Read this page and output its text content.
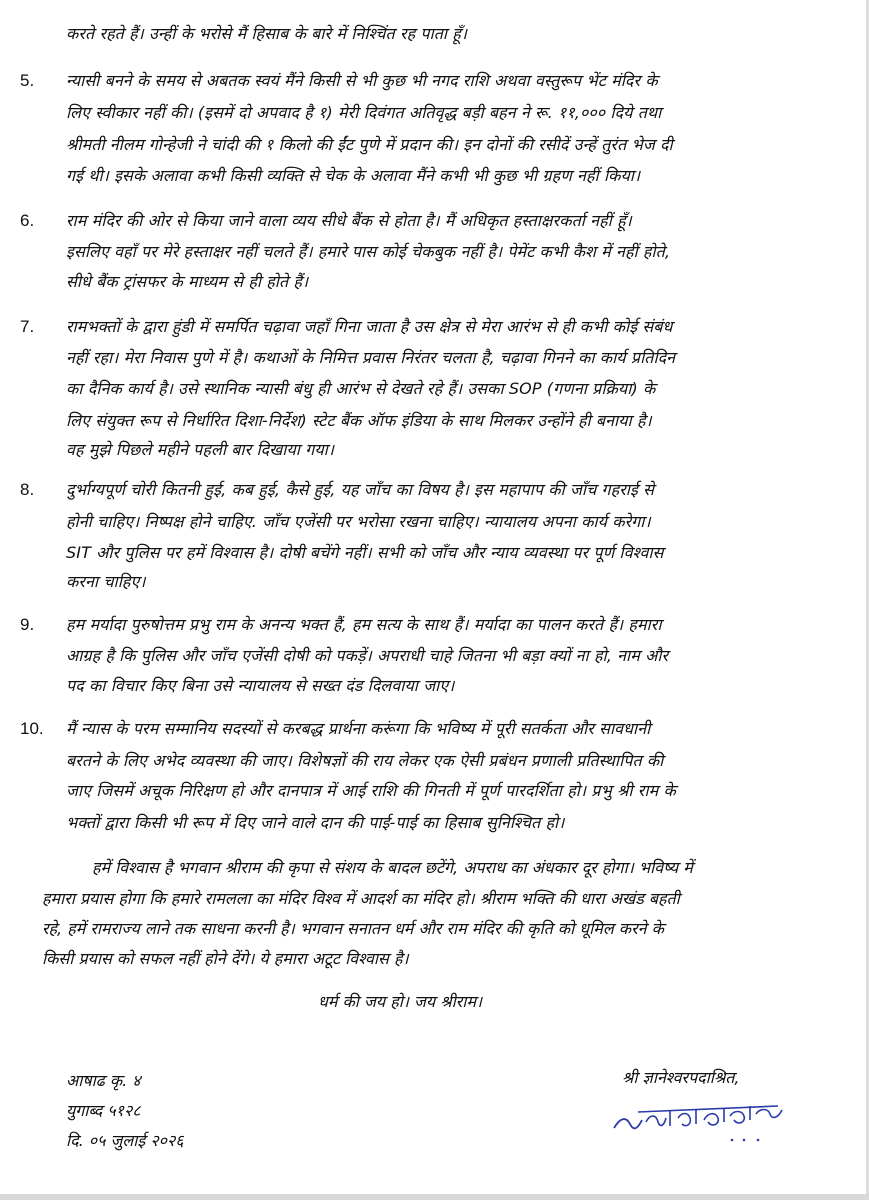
करते रहते हैं। उन्हीं के भरोसे मैं हिसाब के बारे में निश्चिंत रह पाता हूँ।
5. न्यासी बनने के समय से अबतक स्वयं मैंने किसी से भी कुछ भी नगद राशि अथवा वस्तुरूप भेंट मंदिर के
लिए स्वीकार नहीं की। (इसमें दो अपवाद है १) मेरी दिवंगत अतिवृद्ध बड़ी बहन ने रू. ११,००० दिये तथा
श्रीमती नीलम गोन्हेजी ने चांदी की १ किलो की ईंट पुणे में प्रदान की। इन दोनों की रसीदें उन्हें तुरंत भेज दी
गई थी। इसके अलावा कभी किसी व्यक्ति से चेक के अलावा मैंने कभी भी कुछ भी ग्रहण नहीं किया।
6. राम मंदिर की ओर से किया जाने वाला व्यय सीधे बैंक से होता है। मैं अधिकृत हस्ताक्षरकर्ता नहीं हूँ।
इसलिए वहाँ पर मेरे हस्ताक्षर नहीं चलते हैं। हमारे पास कोई चेकबुक नहीं है। पेमेंट कभी कैश में नहीं होते,
सीधे बैंक ट्रांसफर के माध्यम से ही होते हैं।
7. रामभक्तों के द्वारा हुंडी में समर्पित चढ़ावा जहाँ गिना जाता है उस क्षेत्र से मेरा आरंभ से ही कभी कोई संबंध
नहीं रहा। मेरा निवास पुणे में है। कथाओं के निमित्त प्रवास निरंतर चलता है, चढ़ावा गिनने का कार्य प्रतिदिन
का दैनिक कार्य है। उसे स्थानिक न्यासी बंधु ही आरंभ से देखते रहे हैं। उसका SOP (गणना प्रक्रिया) के
लिए संयुक्त रूप से निर्धारित दिशा-निर्देश) स्टेट बैंक ऑफ इंडिया के साथ मिलकर उन्होंने ही बनाया है।
वह मुझे पिछले महीने पहली बार दिखाया गया।
8. दुर्भाग्यपूर्ण चोरी कितनी हुई, कब हुई, कैसे हुई, यह जाँच का विषय है। इस महापाप की जाँच गहराई से
होनी चाहिए। निष्पक्ष होने चाहिए. जाँच एजेंसी पर भरोसा रखना चाहिए। न्यायालय अपना कार्य करेगा।
SIT और पुलिस पर हमें विश्वास है। दोषी बचेंगे नहीं। सभी को जाँच और न्याय व्यवस्था पर पूर्ण विश्वास
करना चाहिए।
9. हम मर्यादा पुरुषोत्तम प्रभु राम के अनन्य भक्त हैं, हम सत्य के साथ हैं। मर्यादा का पालन करते हैं। हमारा
आग्रह है कि पुलिस और जाँच एजेंसी दोषी को पकड़ें। अपराधी चाहे जितना भी बड़ा क्यों ना हो, नाम और
पद का विचार किए बिना उसे न्यायालय से सख्त दंड दिलवाया जाए।
10. मैं न्यास के परम सम्मानिय सदस्यों से करबद्ध प्रार्थना करूंगा कि भविष्य में पूरी सतर्कता और सावधानी
बरतने के लिए अभेद व्यवस्था की जाए। विशेषज्ञों की राय लेकर एक ऐसी प्रबंधन प्रणाली प्रतिस्थापित की
जाए जिसमें अचूक निरिक्षण हो और दानपात्र में आई राशि की गिनती में पूर्ण पारदर्शिता हो। प्रभु श्री राम के
भक्तों द्वारा किसी भी रूप में दिए जाने वाले दान की पाई-पाई का हिसाब सुनिश्चित हो।
हमें विश्वास है भगवान श्रीराम की कृपा से संशय के बादल छटेंगे, अपराध का अंधकार दूर होगा। भविष्य में
हमारा प्रयास होगा कि हमारे रामलला का मंदिर विश्व में आदर्श का मंदिर हो। श्रीराम भक्ति की धारा अखंड बहती
रहे, हमें रामराज्य लाने तक साधना करनी है। भगवान सनातन धर्म और राम मंदिर की कृति को धूमिल करने के
किसी प्रयास को सफल नहीं होने देंगे। ये हमारा अटूट विश्वास है।
धर्म की जय हो। जय श्रीराम।
आषाढ कृ. ४
युगाब्द ५१२८
दि. ०५ जुलाई २०२६
श्री ज्ञानेश्वरपदाश्रित,
